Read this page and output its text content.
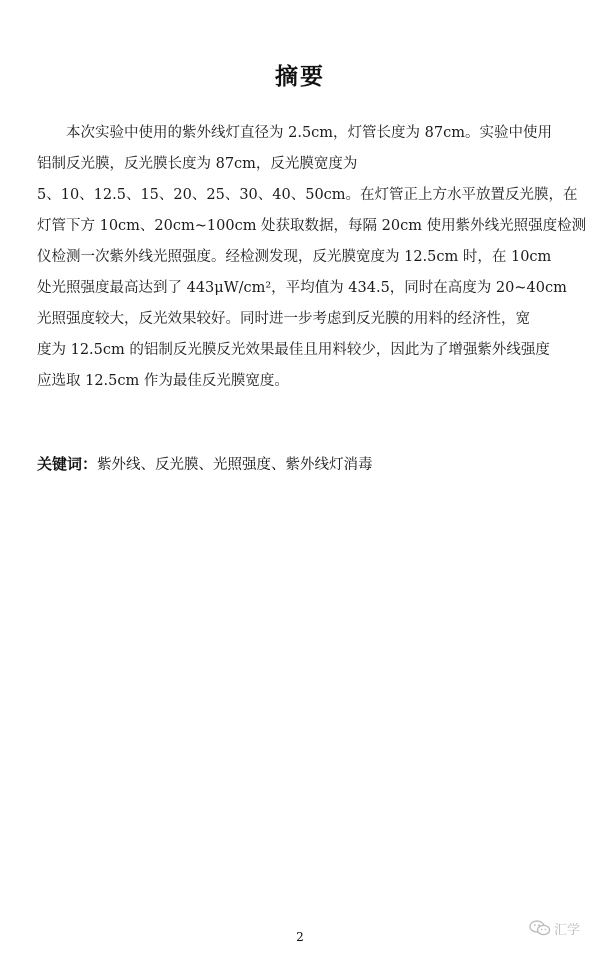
摘要
本次实验中使用的紫外线灯直径为 2.5cm，灯管长度为 87cm。实验中使用
铝制反光膜，反光膜长度为 87cm，反光膜宽度为
5、10、12.5、15、20、25、30、40、50cm。在灯管正上方水平放置反光膜，在
灯管下方 10cm、20cm~100cm 处获取数据，每隔 20cm 使用紫外线光照强度检测
仪检测一次紫外线光照强度。经检测发现，反光膜宽度为 12.5cm 时，在 10cm
处光照强度最高达到了 443μW/cm²，平均值为 434.5，同时在高度为 20~40cm
光照强度较大，反光效果较好。同时进一步考虑到反光膜的用料的经济性，宽
度为 12.5cm 的铝制反光膜反光效果最佳且用料较少，因此为了增强紫外线强度
应选取 12.5cm 作为最佳反光膜宽度。
关键词：紫外线、反光膜、光照强度、紫外线灯消毒
2	汇学
